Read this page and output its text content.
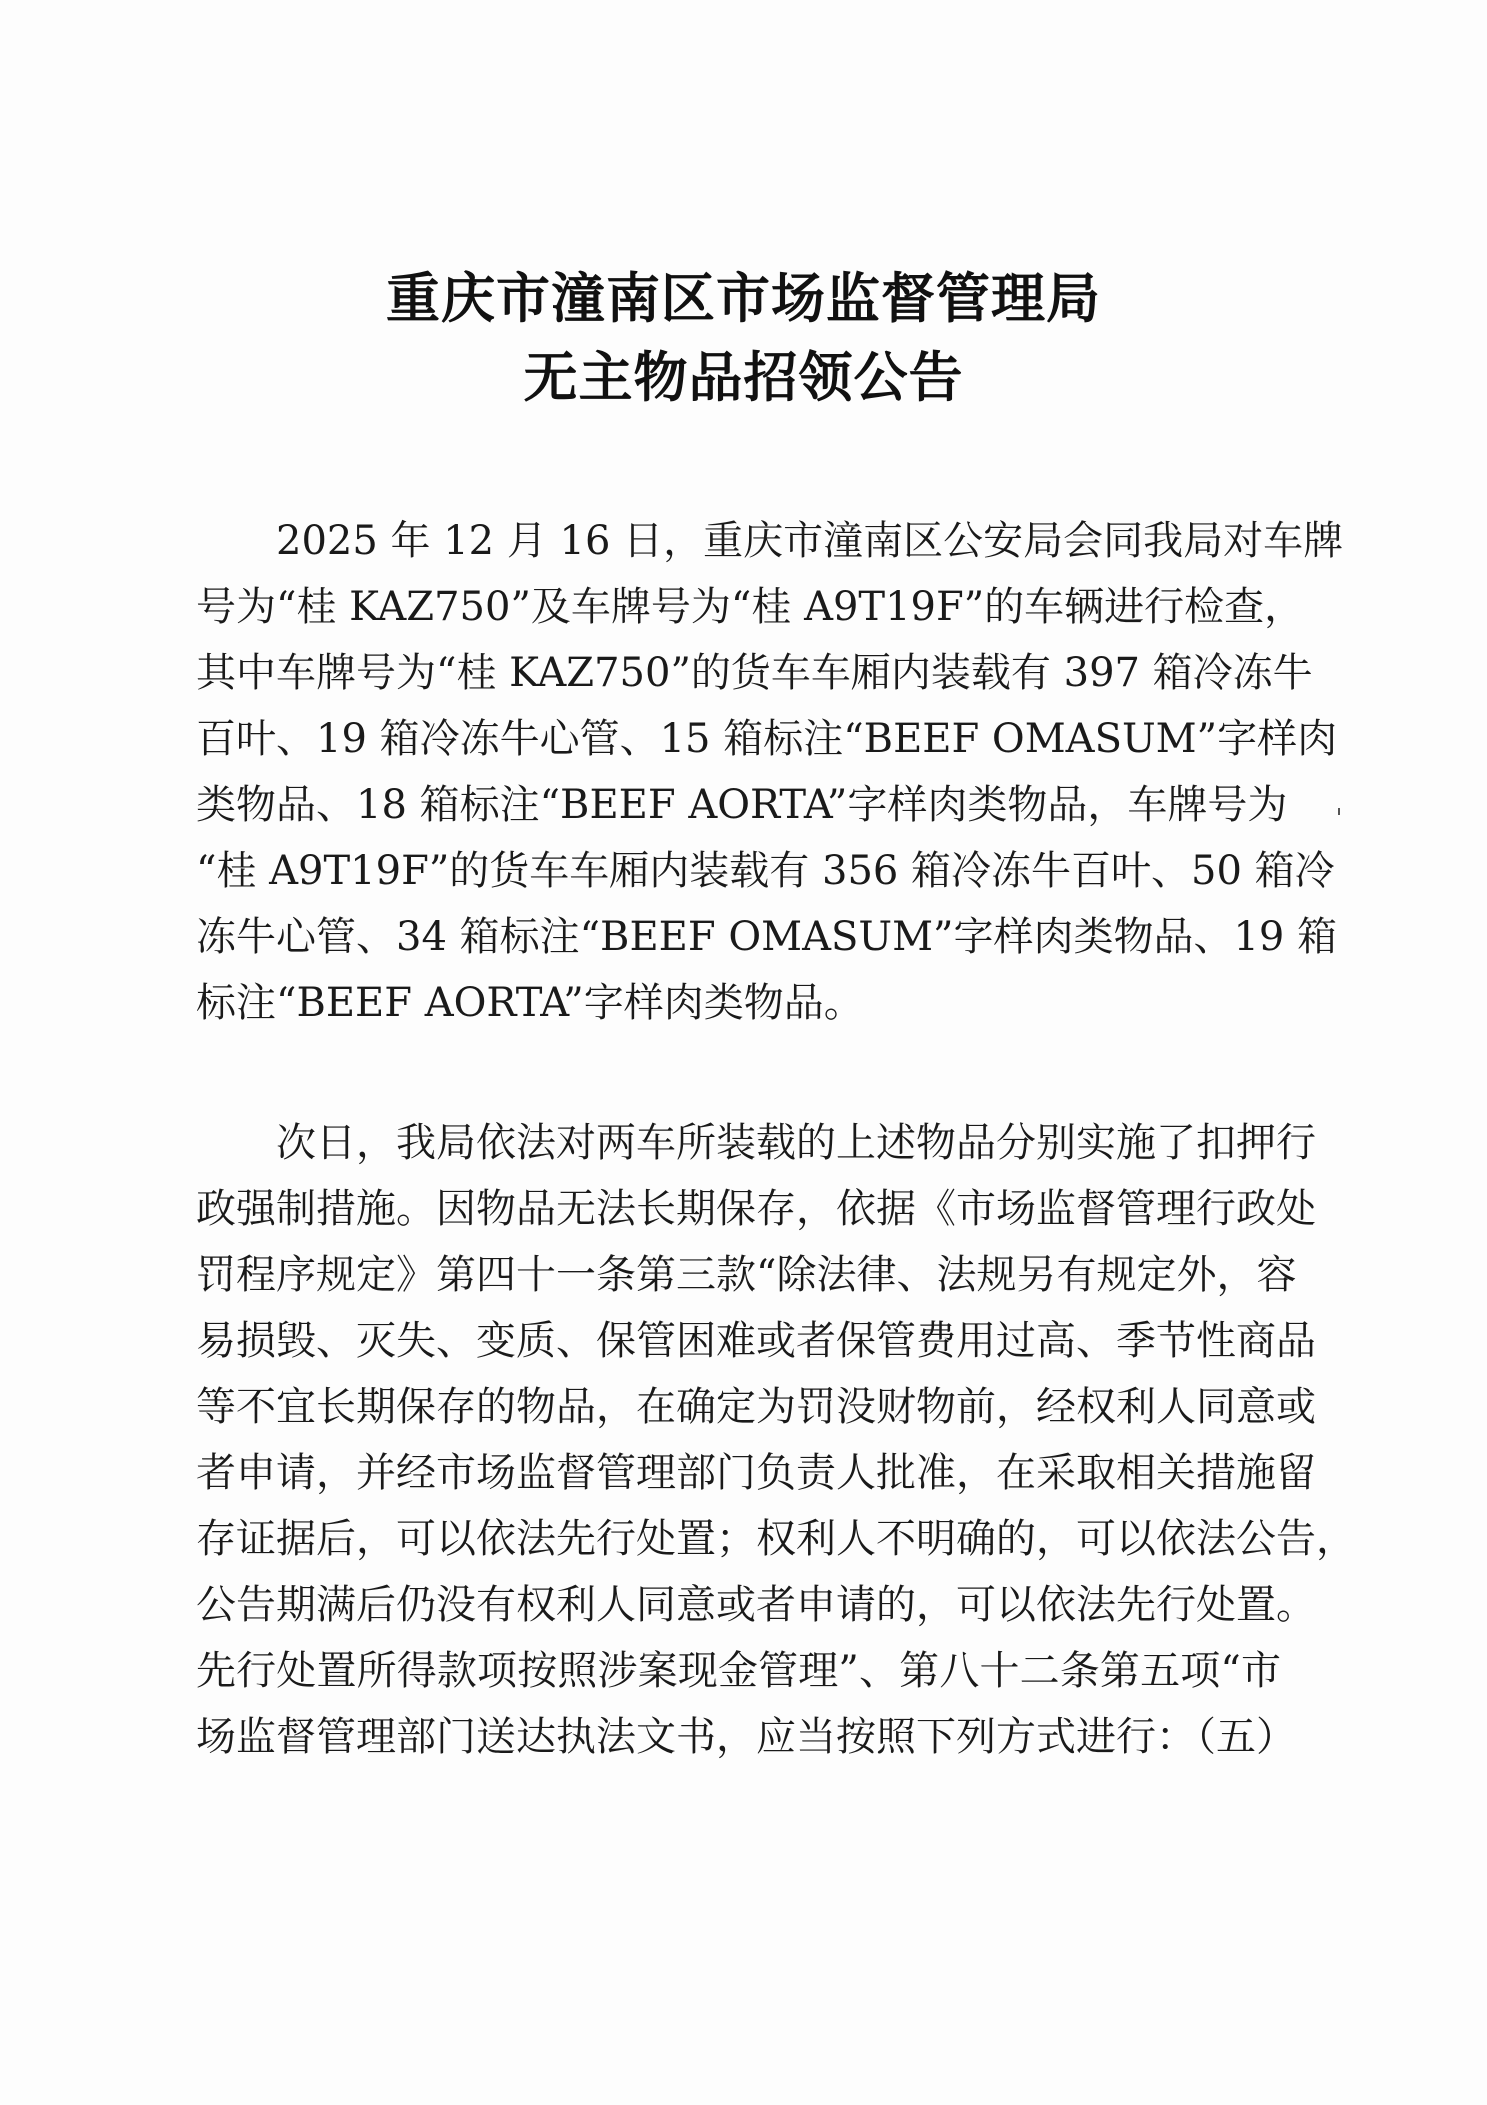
重庆市潼南区市场监督管理局
无主物品招领公告
2025 年 12 月 16 日，重庆市潼南区公安局会同我局对车牌
号为“桂 KAZ750”及车牌号为“桂 A9T19F”的车辆进行检查，
其中车牌号为“桂 KAZ750”的货车车厢内装载有 397 箱冷冻牛
百叶、19 箱冷冻牛心管、15 箱标注“BEEF OMASUM”字样肉
类物品、18 箱标注“BEEF AORTA”字样肉类物品，车牌号为
“桂 A9T19F”的货车车厢内装载有 356 箱冷冻牛百叶、50 箱冷
冻牛心管、34 箱标注“BEEF OMASUM”字样肉类物品、19 箱
标注“BEEF AORTA”字样肉类物品。
次日，我局依法对两车所装载的上述物品分别实施了扣押行
政强制措施。因物品无法长期保存，依据《市场监督管理行政处
罚程序规定》第四十一条第三款“除法律、法规另有规定外，容
易损毁、灭失、变质、保管困难或者保管费用过高、季节性商品
等不宜长期保存的物品，在确定为罚没财物前，经权利人同意或
者申请，并经市场监督管理部门负责人批准，在采取相关措施留
存证据后，可以依法先行处置；权利人不明确的，可以依法公告，
公告期满后仍没有权利人同意或者申请的，可以依法先行处置。
先行处置所得款项按照涉案现金管理”、第八十二条第五项“市
场监督管理部门送达执法文书，应当按照下列方式进行：（五）
